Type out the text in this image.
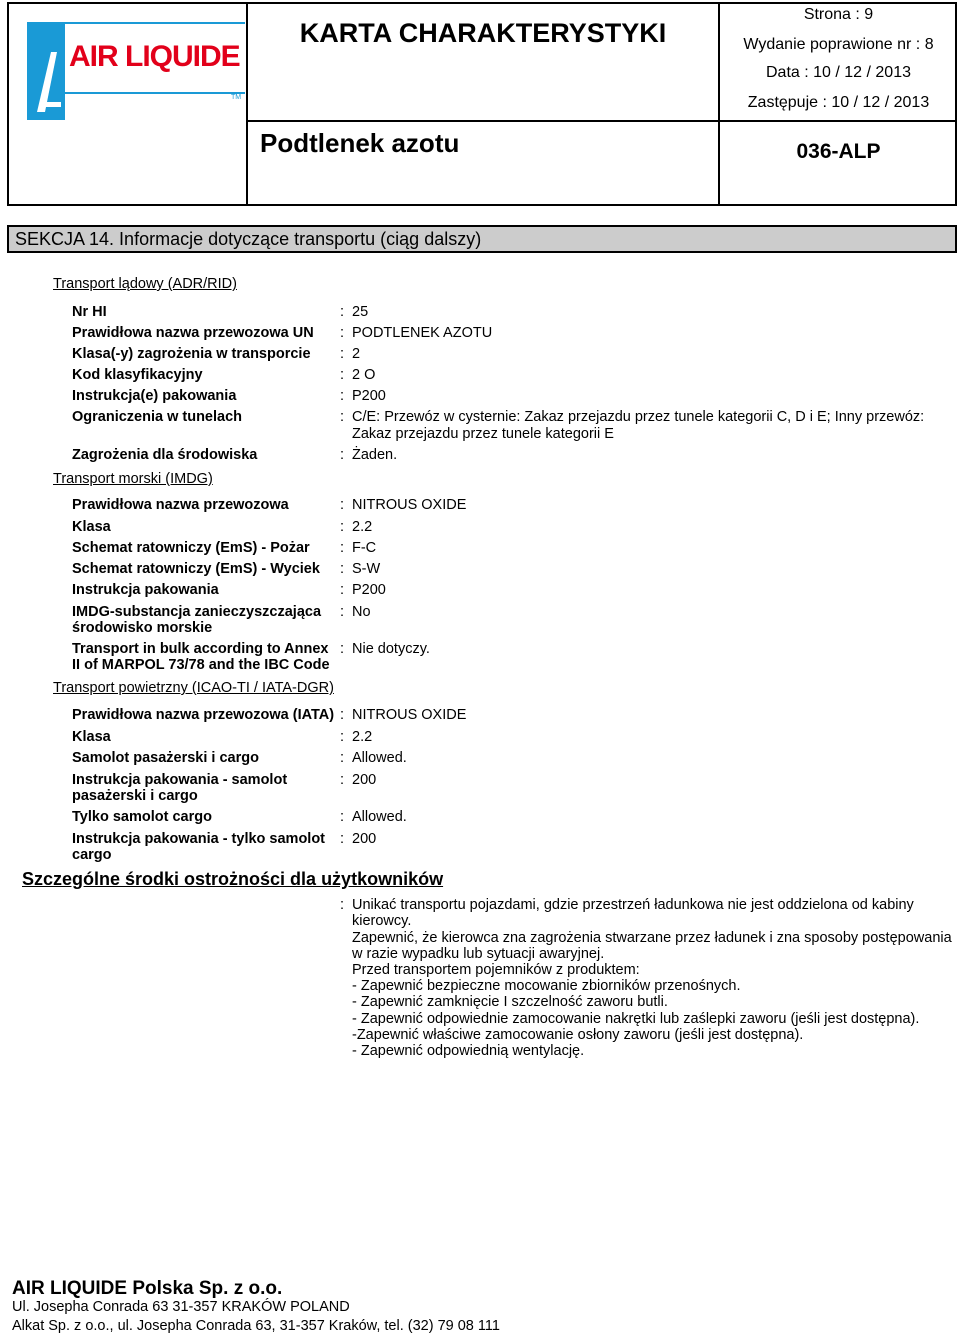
AIR LIQUIDE
TM
KARTA CHARAKTERYSTYKI
Podtlenek azotu
Strona : 9
Wydanie poprawione nr : 8
Data : 10 / 12 / 2013
Zastępuje : 10 / 12 / 2013
036-ALP
SEKCJA 14. Informacje dotyczące transportu (ciąg dalszy)
Transport lądowy (ADR/RID)
Nr HI	: 25
Prawidłowa nazwa przewozowa UN : PODTLENEK AZOTU
Klasa(-y) zagrożenia w transporcie : 2
Kod klasyfikacyjny	: 2 O
Instrukcja(e) pakowania	: P200
Ograniczenia w tunelach	: C/E: Przewóz w cysternie: Zakaz przejazdu przez tunele kategorii C, D i E; Inny przewóz:
Zakaz przejazdu przez tunele kategorii E
Zagrożenia dla środowiska	: Żaden.
Transport morski (IMDG)
Prawidłowa nazwa przewozowa	: NITROUS OXIDE
Klasa	: 2.2
Schemat ratowniczy (EmS) - Pożar : F-C
Schemat ratowniczy (EmS) - Wyciek : S-W
Instrukcja pakowania	: P200
IMDG-substancja zanieczyszczająca
środowisko morskie
: No
Transport in bulk according to Annex
II of MARPOL 73/78 and the IBC Code
: Nie dotyczy.
Transport powietrzny (ICAO-TI / IATA-DGR)
Prawidłowa nazwa przewozowa (IATA) : NITROUS OXIDE
Klasa	: 2.2
Samolot pasażerski i cargo	: Allowed.
Instrukcja pakowania - samolot
pasażerski i cargo
: 200
Tylko samolot cargo	: Allowed.
Instrukcja pakowania - tylko samolot
cargo
: 200
Szczególne środki ostrożności dla użytkowników
: Unikać transportu pojazdami, gdzie przestrzeń ładunkowa nie jest oddzielona od kabiny
kierowcy.
Zapewnić, że kierowca zna zagrożenia stwarzane przez ładunek i zna sposoby postępowania
w razie wypadku lub sytuacji awaryjnej.
Przed transportem pojemników z produktem:
- Zapewnić bezpieczne mocowanie zbiorników przenośnych.
- Zapewnić zamknięcie I szczelność zaworu butli.
- Zapewnić odpowiednie zamocowanie nakrętki lub zaślepki zaworu (jeśli jest dostępna).
-Zapewnić właściwe zamocowanie osłony zaworu (jeśli jest dostępna).
- Zapewnić odpowiednią wentylację.
AIR LIQUIDE Polska Sp. z o.o.
Ul. Josepha Conrada 63 31-357 KRAKÓW POLAND
Alkat Sp. z o.o., ul. Josepha Conrada 63, 31-357 Kraków, tel. (32) 79 08 111
